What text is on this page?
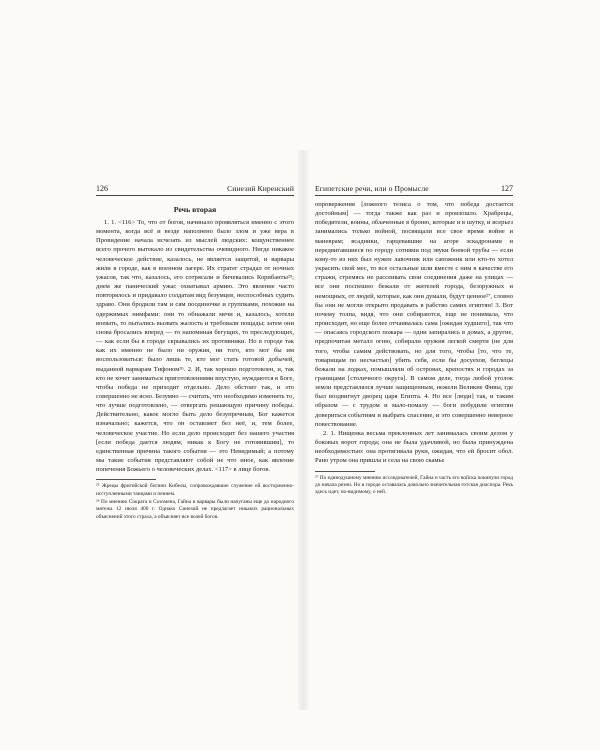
126	Синезий Киренский
Речь вторая

1. 1. <116> То, что от богов, начинало проявляться именно с этого момента, когда всё и везде наполнено было злом и уже вера в Провидение начала исчезать из мыслей людских: кощунственнее всего прочего вытекало из свидетельства очевидного. Нигде никакое человеческое действие, казалось, не является защитой, и варвары жили в городе, как в военном лагере. Их стратег страдал от ночных ужасов, так что, казалось, его сотрясали и бичевались Корибанты²⁵; днем же панический ужас охватывал армию. Это явление часто повторялось и придавало солдатам вид безумцев, неспособных судить здраво. Они бродили там и сям поодиночке и группками, похожие на одержимых нимфами: они то обнажали мечи и, казалось, хотели воевать, то пытались вызвать жалость и требовали пощады; затем они снова бросались вперед — то напоминая бегущих, то преследующих, — как если бы в городе скрывались их противники. Но в городе так как их именно не было ни оружия, ни того, кто мог бы им воспользоваться: было лишь те, кто мог стать готовой добычей, выданной варварам Тифоном²⁶. 2. И, так хорошо подготовлен, и, так кто не хочет заниматься приготовлениями впустую, нуждаются в Боге, чтобы победа не приходит отдельно. Дело обстоит так, и это совершенно не ясно. Безумно — считать, что необходимо изменить то, что лучше подготовлено, — отвергать решающую причину победы. Действительно, какое могло быть дело безупречным, Бог кажется изначально; кажется, что он оставляет без неё, и, тем более, человеческое участие. Но если дело происходит без нашего участия [если победа дается людям, никак к Богу не готовившим], то единственная причина такого события — это Невидимый; а потому мы такие события представляют собой не что иное, как явление попечения Божьего о человеческих делах. <117> в лице богов.

²⁵ Жрецы фригийской богини Кибелы, сопровождавшие служение ей восторженно-исступленными танцами и пением.

²⁶ По мнению Сократа и Созомена, Гайна и варвары были напуганы еще до народного мятежа 12 июля 400 г. Однако Синезий не предлагает никаких рациональных объяснений этого страха, а объясняет все волей богов.

Египетские речи, или о Промысле	127

опровержения [ложного тезиса о том, что победа достается достойным] — тогда также как раз и произошло. Храбрецы, победители, воины, облаченные в броню, которые и в шутку, и всерьез занимались только войной, посвящали все свое время войне и маневрам; всадники, гарцевавшие на агоре эскадронами и передвигавшиеся по городу сотнями под звуки боевой трубы — если кому-то из них был нужен лавочник или сапожник или кто-то хотел украсить свой мес, то все остальные шли вместе с ним в качестве его стражи, стремясь не рассеивать свои соединения даже на улицах — все они поспешно бежали от жителей города, безоружных и немощных, от людей, которые, как они думали, будут ценное²⁷, словно бы они не могли открыто продавать в рабство самих египтян! 3. Вот почему толпа, видя, что они собираются, еще не понимала, что происходит, но еще более отчаивалась сама [ожидая худшего], так что — опасаясь городского пожара — одни запирались в домах, а другие, предпочитая металл огню, собирали оружия легкой смерти (не для того, чтобы самим действовать, но для того, чтобы [то, что те, товарищам по несчастью] убить себя, если бы досуехов, беглецы бежали на лодках, помышляли об островах, крепостях и городах за границами [столичного округа]. В самом деле, тогда любой уголок земли представлялся лучше защищенным, нежели Великие Фивы, где был воздвигнут дворец царя Египта. 4. Но все [люди] так, и таким образом — с трудом и мало-помалу — боги побудили египтян довериться событиям и выбрать спасение, и это совершенно неверное повествование.

2. 1. Нищенка весьма преклонных лет занималась своим делом у боковых ворот города; она не была удачливой, но была принуждена необходимостью: она протягивала руки, ожидая, что ей бросит обол. Рано утром она пришла и села на свою скамье

²⁷ По единодушному мнению исследователей, Гайна и часть его войска покинули город до начала резни. Но в городе оставалась довольно значительная готская диаспора. Речь здесь идет, по-видимому, о ней.
